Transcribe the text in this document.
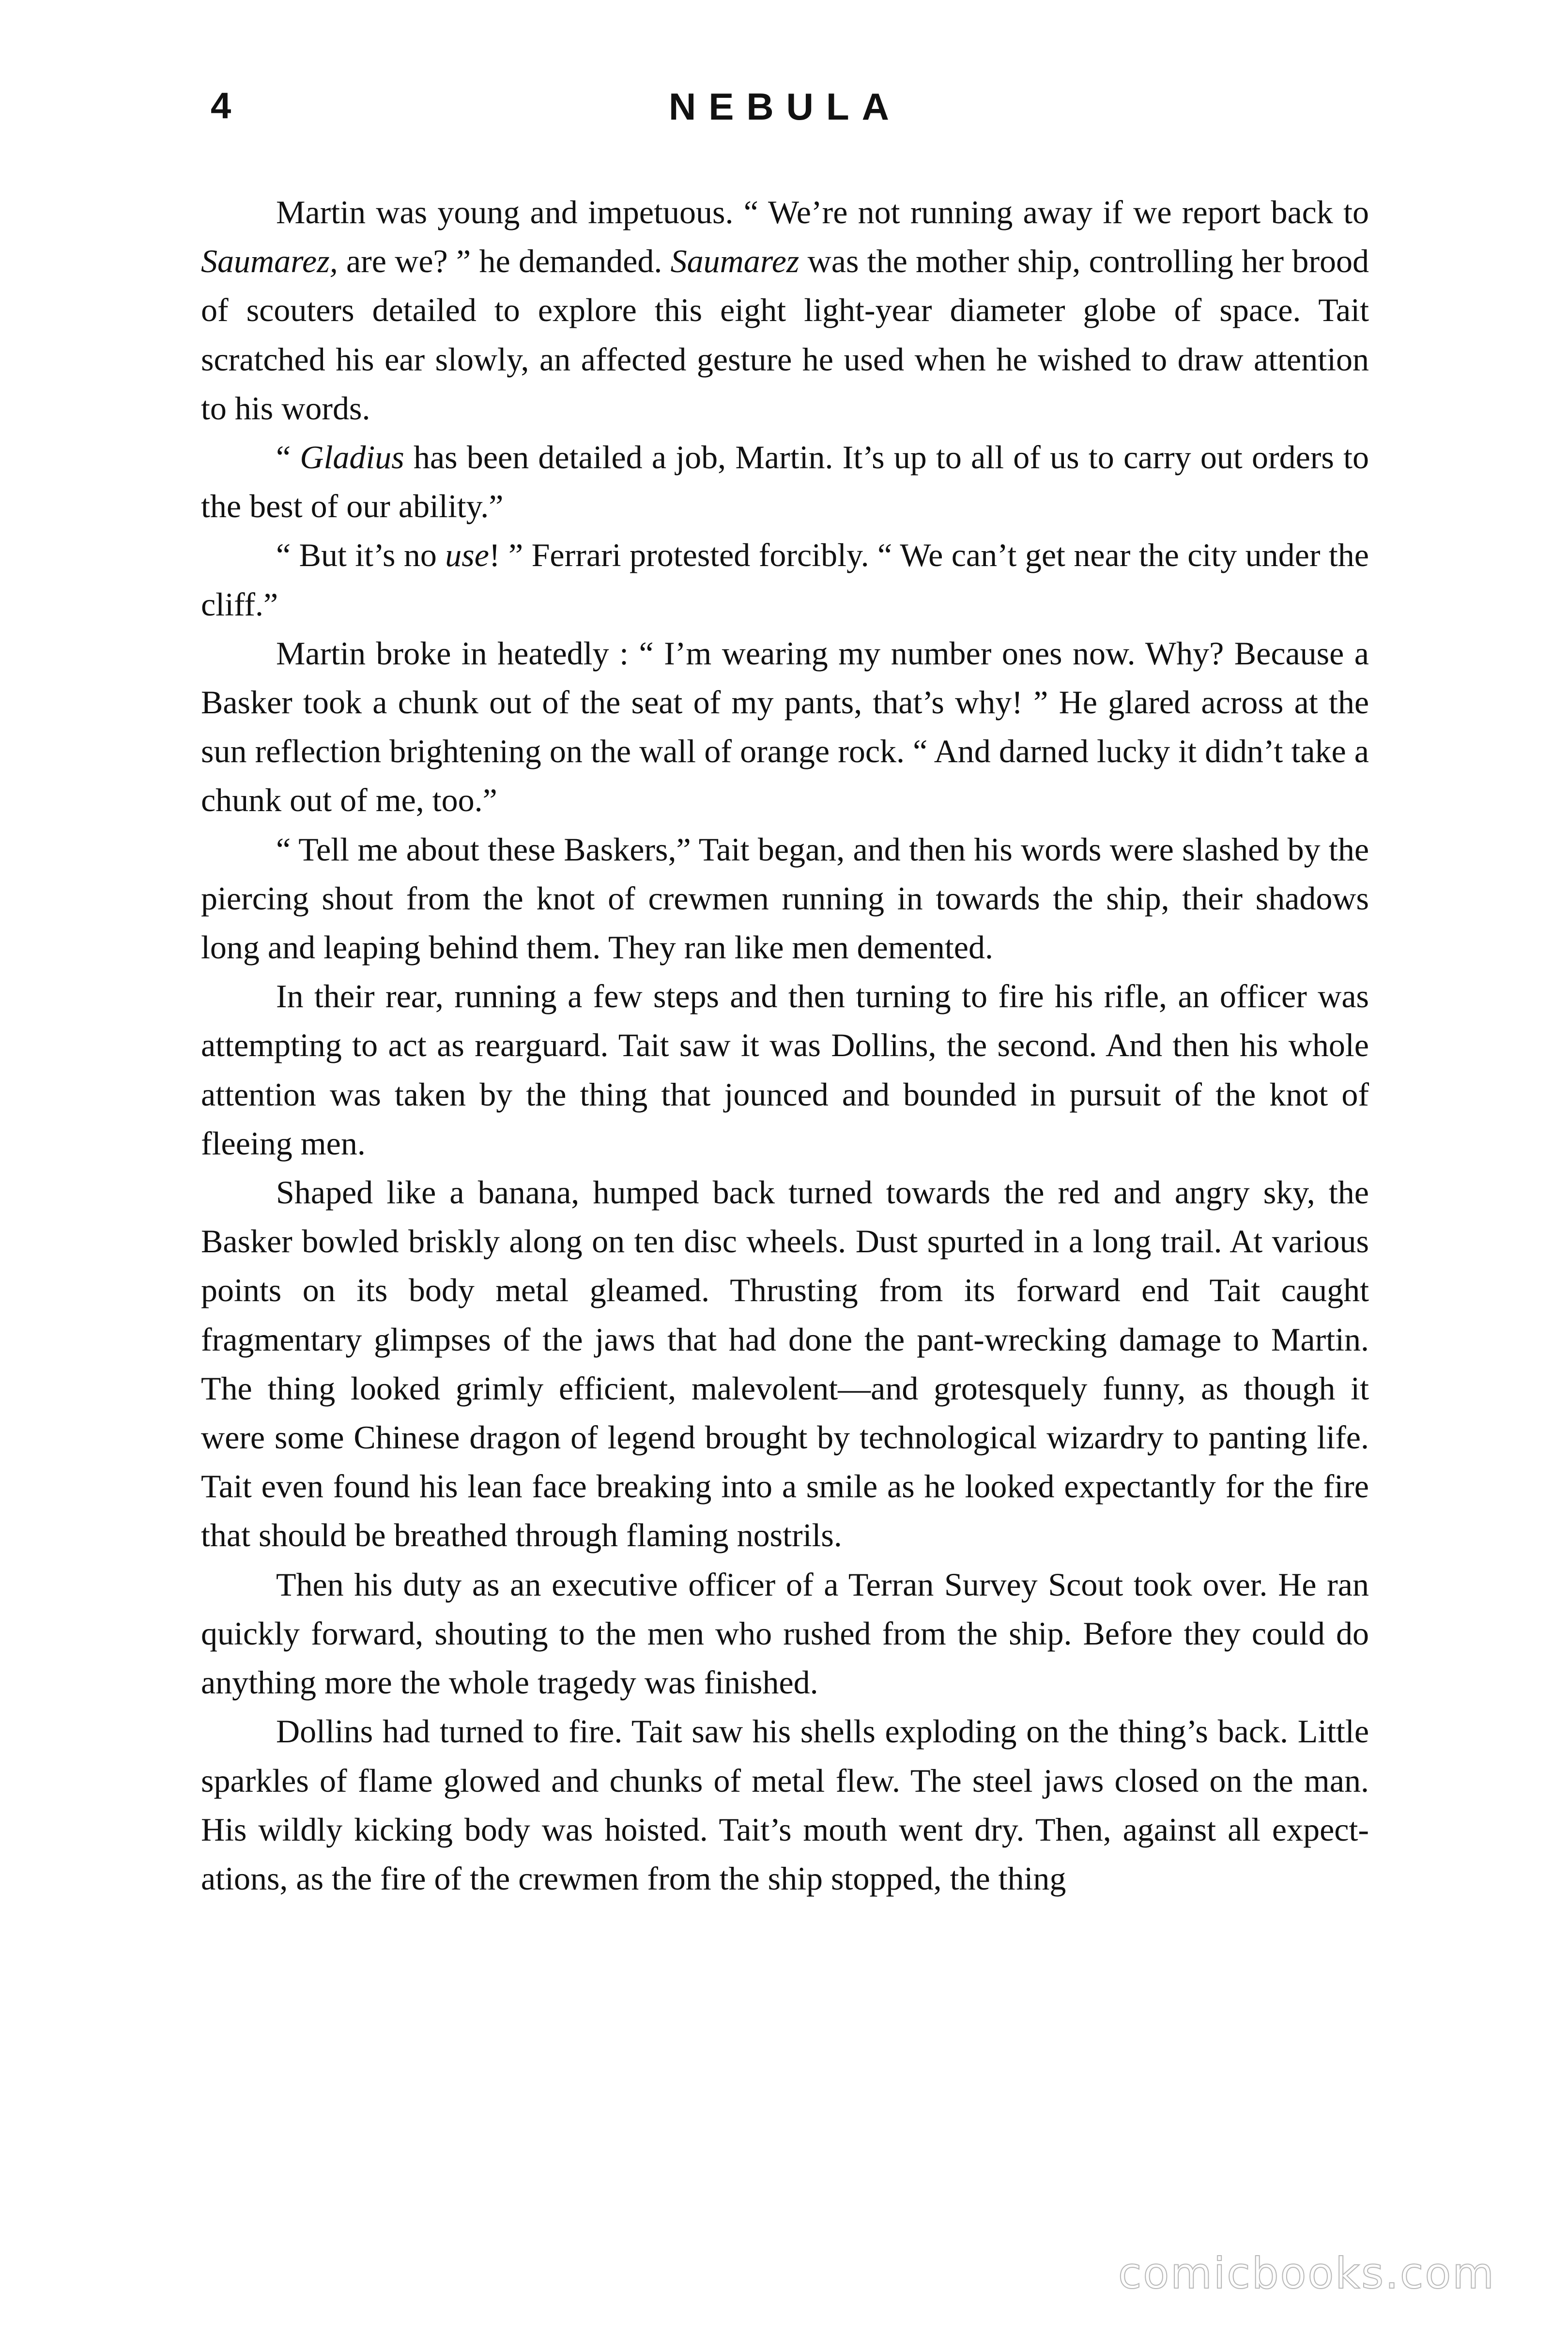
4	NEBULA

Martin was young and impetuous. “ We’re not running away if we report back to Saumarez, are we? ” he demanded. Saumarez was the mother ship, controlling her brood of scouters detailed to explore this eight light-year diameter globe of space. Tait scratched his ear slowly, an affected gesture he used when he wished to draw attention to his words.

“ Gladius has been detailed a job, Martin. It’s up to all of us to carry out orders to the best of our ability.”

“ But it’s no use! ” Ferrari protested forcibly. “ We can’t get near the city under the cliff.”

Martin broke in heatedly : “ I’m wearing my number ones now. Why? Because a Basker took a chunk out of the seat of my pants, that’s why! ” He glared across at the sun reflection brightening on the wall of orange rock. “ And darned lucky it didn’t take a chunk out of me, too.”

“ Tell me about these Baskers,” Tait began, and then his words were slashed by the piercing shout from the knot of crewmen running in towards the ship, their shadows long and leaping behind them. They ran like men demented.

In their rear, running a few steps and then turning to fire his rifle, an officer was attempting to act as rearguard. Tait saw it was Dollins, the second. And then his whole attention was taken by the thing that jounced and bounded in pursuit of the knot of fleeing men.

Shaped like a banana, humped back turned towards the red and angry sky, the Basker bowled briskly along on ten disc wheels. Dust spurted in a long trail. At various points on its body metal gleamed. Thrusting from its forward end Tait caught fragmentary glimpses of the jaws that had done the pant-wrecking damage to Martin. The thing looked grimly efficient, malevolent—and grotesquely funny, as though it were some Chinese dragon of legend brought by technological wizardry to panting life. Tait even found his lean face breaking into a smile as he looked expectantly for the fire that should be breathed through flaming nostrils.

Then his duty as an executive officer of a Terran Survey Scout took over. He ran quickly forward, shouting to the men who rushed from the ship. Before they could do anything more the whole tragedy was finished.

Dollins had turned to fire. Tait saw his shells exploding on the thing’s back. Little sparkles of flame glowed and chunks of metal flew. The steel jaws closed on the man. His wildly kicking body was hoisted. Tait’s mouth went dry. Then, against all expect-ations, as the fire of the crewmen from the ship stopped, the thing

comicbooks.com
